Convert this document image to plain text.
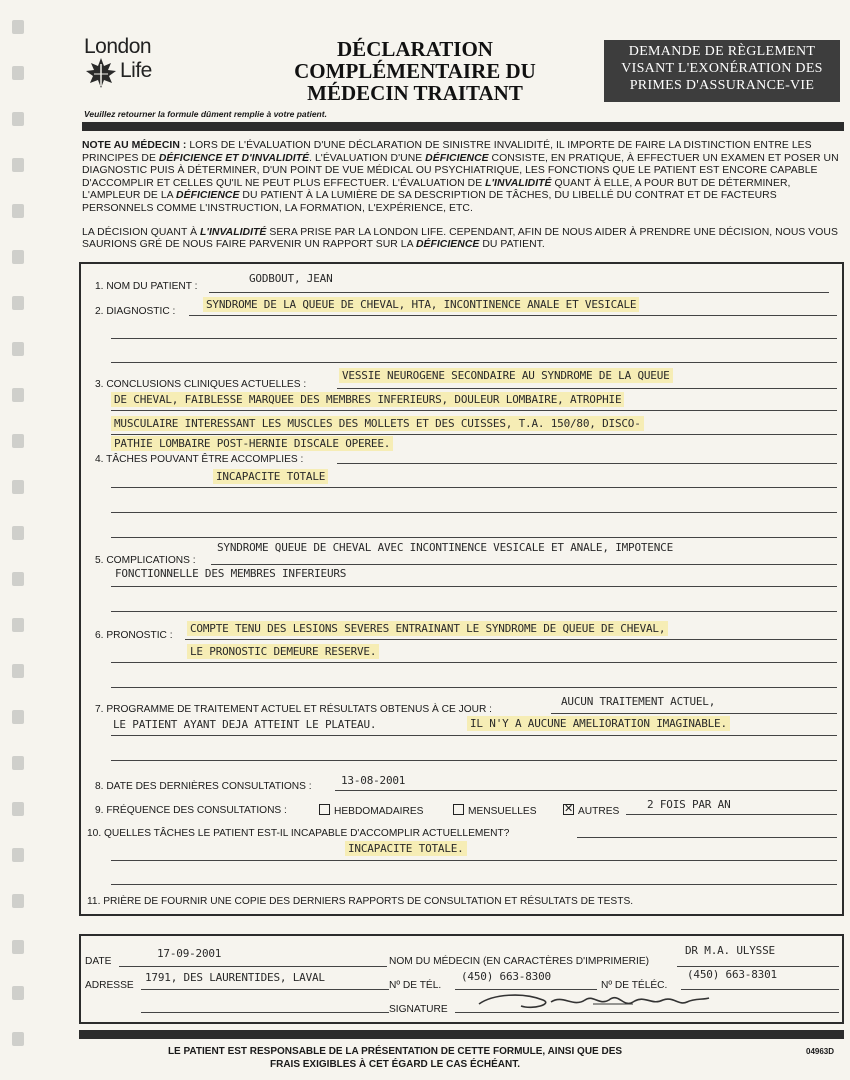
London
Life
DÉCLARATION
COMPLÉMENTAIRE DU
MÉDECIN TRAITANT
DEMANDE DE RÈGLEMENT
VISANT L'EXONÉRATION DES
PRIMES D'ASSURANCE-VIE
Veuillez retourner la formule dûment remplie à votre patient.

NOTE AU MÉDECIN : LORS DE L'ÉVALUATION D'UNE DÉCLARATION DE SINISTRE INVALIDITÉ, IL IMPORTE DE FAIRE LA DISTINCTION ENTRE LES PRINCIPES DE DÉFICIENCE ET D'INVALIDITÉ. L'ÉVALUATION D'UNE DÉFICIENCE CONSISTE, EN PRATIQUE, À EFFECTUER UN EXAMEN ET POSER UN DIAGNOSTIC PUIS À DÉTERMINER, D'UN POINT DE VUE MÉDICAL OU PSYCHIATRIQUE, LES FONCTIONS QUE LE PATIENT EST ENCORE CAPABLE D'ACCOMPLIR ET CELLES QU'IL NE PEUT PLUS EFFECTUER. L'ÉVALUATION DE L'INVALIDITÉ QUANT À ELLE, A POUR BUT DE DÉTERMINER, L'AMPLEUR DE LA DÉFICIENCE DU PATIENT À LA LUMIÈRE DE SA DESCRIPTION DE TÂCHES, DU LIBELLÉ DU CONTRAT ET DE FACTEURS PERSONNELS COMME L'INSTRUCTION, LA FORMATION, L'EXPÉRIENCE, ETC.

LA DÉCISION QUANT À L'INVALIDITÉ SERA PRISE PAR LA LONDON LIFE. CEPENDANT, AFIN DE NOUS AIDER À PRENDRE UNE DÉCISION, NOUS VOUS SAURIONS GRÉ DE NOUS FAIRE PARVENIR UN RAPPORT SUR LA DÉFICIENCE DU PATIENT.

1. NOM DU PATIENT :
GODBOUT, JEAN
2. DIAGNOSTIC :
SYNDROME DE LA QUEUE DE CHEVAL, HTA, INCONTINENCE ANALE ET VESICALE
3. CONCLUSIONS CLINIQUES ACTUELLES :
VESSIE NEUROGENE SECONDAIRE AU SYNDROME DE LA QUEUE
DE CHEVAL, FAIBLESSE MARQUEE DES MEMBRES INFERIEURS, DOULEUR LOMBAIRE, ATROPHIE
MUSCULAIRE INTERESSANT LES MUSCLES DES MOLLETS ET DES CUISSES, T.A. 150/80, DISCO-
PATHIE LOMBAIRE POST-HERNIE DISCALE OPEREE.
4. TÂCHES POUVANT ÊTRE ACCOMPLIES :
INCAPACITE TOTALE
5. COMPLICATIONS :
SYNDROME QUEUE DE CHEVAL AVEC INCONTINENCE VESICALE ET ANALE, IMPOTENCE
FONCTIONNELLE DES MEMBRES INFERIEURS
6. PRONOSTIC :
COMPTE TENU DES LESIONS SEVERES ENTRAINANT LE SYNDROME DE QUEUE DE CHEVAL,
LE PRONOSTIC DEMEURE RESERVE.
7. PROGRAMME DE TRAITEMENT ACTUEL ET RÉSULTATS OBTENUS À CE JOUR :
AUCUN TRAITEMENT ACTUEL,
LE PATIENT AYANT DEJA ATTEINT LE PLATEAU.	IL N'Y A AUCUNE AMELIORATION IMAGINABLE.
8. DATE DES DERNIÈRES CONSULTATIONS :	13-08-2001
9. FRÉQUENCE DES CONSULTATIONS :	HEBDOMADAIRES	MENSUELLES
✕	AUTRES
2 FOIS PAR AN
10. QUELLES TÂCHES LE PATIENT EST-IL INCAPABLE D'ACCOMPLIR ACTUELLEMENT?
INCAPACITE TOTALE.
11. PRIÈRE DE FOURNIR UNE COPIE DES DERNIERS RAPPORTS DE CONSULTATION ET RÉSULTATS DE TESTS.
DATE
17-09-2001
NOM DU MÉDECIN (EN CARACTÈRES D'IMPRIMERIE)
DR M.A. ULYSSE
ADRESSE
1791, DES LAURENTIDES, LAVAL
Nº DE TÉL.
(450) 663-8300
Nº DE TÉLÉC.
(450) 663-8301
SIGNATURE
LE PATIENT EST RESPONSABLE DE LA PRÉSENTATION DE CETTE FORMULE, AINSI QUE DES
FRAIS EXIGIBLES À CET ÉGARD LE CAS ÉCHÉANT.
04963D
